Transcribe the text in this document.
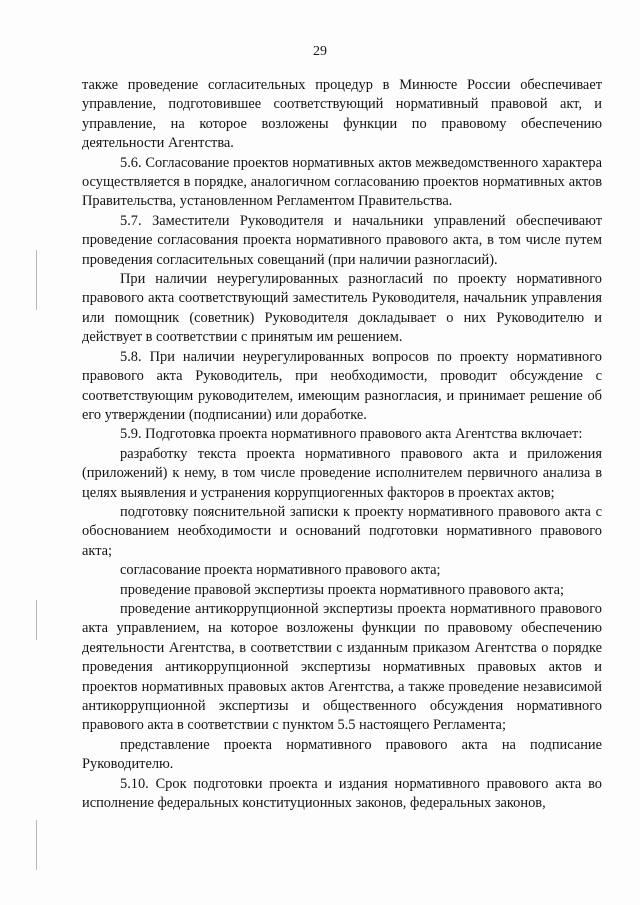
29

также проведение согласительных процедур в Минюсте России обеспечивает управление, подготовившее соответствующий нормативный правовой акт, и управление, на которое возложены функции по правовому обеспечению деятельности Агентства.

5.6. Согласование проектов нормативных актов межведомственного характера осуществляется в порядке, аналогичном согласованию проектов нормативных актов Правительства, установленном Регламентом Правительства.

5.7. Заместители Руководителя и начальники управлений обеспечивают проведение согласования проекта нормативного правового акта, в том числе путем проведения согласительных совещаний (при наличии разногласий).

При наличии неурегулированных разногласий по проекту нормативного правового акта соответствующий заместитель Руководителя, начальник управления или помощник (советник) Руководителя докладывает о них Руководителю и действует в соответствии с принятым им решением.

5.8. При наличии неурегулированных вопросов по проекту нормативного правового акта Руководитель, при необходимости, проводит обсуждение с соответствующим руководителем, имеющим разногласия, и принимает решение об его утверждении (подписании) или доработке.

5.9. Подготовка проекта нормативного правового акта Агентства включает:

разработку текста проекта нормативного правового акта и приложения (приложений) к нему, в том числе проведение исполнителем первичного анализа в целях выявления и устранения коррупциогенных факторов в проектах актов;

подготовку пояснительной записки к проекту нормативного правового акта с обоснованием необходимости и оснований подготовки нормативного правового акта;

согласование проекта нормативного правового акта;

проведение правовой экспертизы проекта нормативного правового акта;

проведение антикоррупционной экспертизы проекта нормативного правового акта управлением, на которое возложены функции по правовому обеспечению деятельности Агентства, в соответствии с изданным приказом Агентства о порядке проведения антикоррупционной экспертизы нормативных правовых актов и проектов нормативных правовых актов Агентства, а также проведение независимой антикоррупционной экспертизы и общественного обсуждения нормативного правового акта в соответствии с пунктом 5.5 настоящего Регламента;

представление проекта нормативного правового акта на подписание Руководителю.

5.10. Срок подготовки проекта и издания нормативного правового акта во исполнение федеральных конституционных законов, федеральных законов,
